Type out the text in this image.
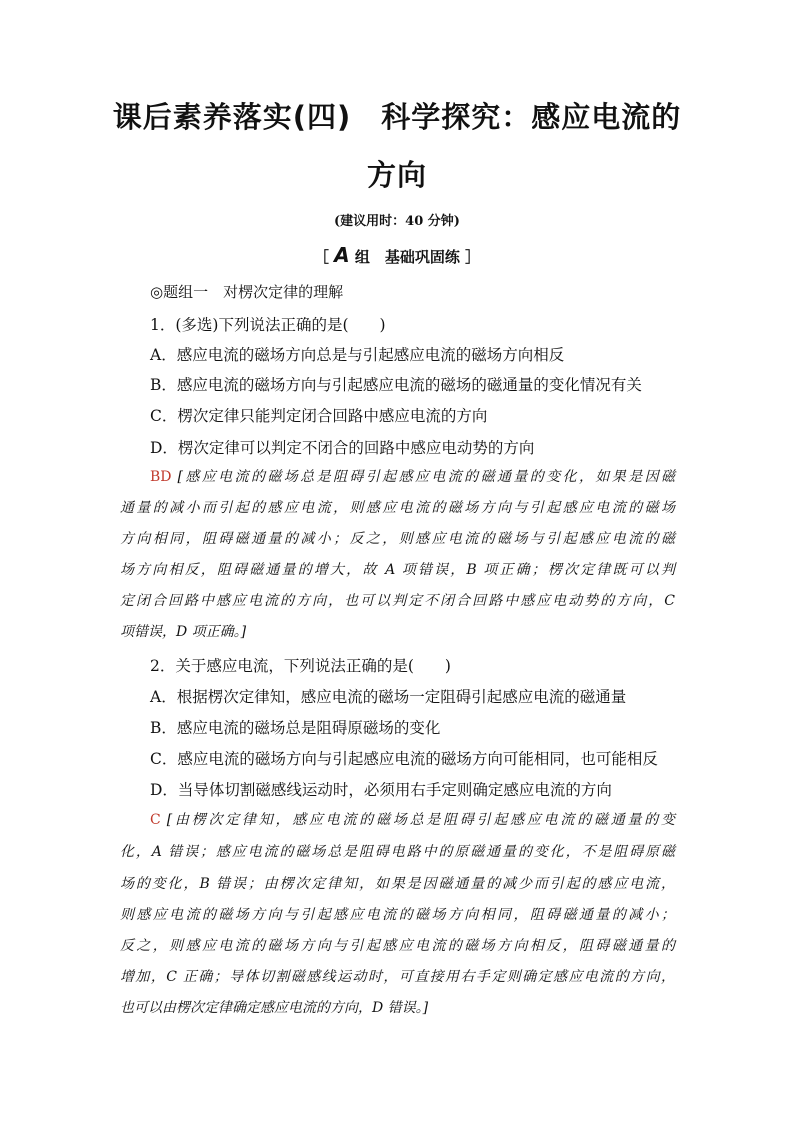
课后素养落实(四)　科学探究：感应电流的
方向
(建议用时：40 分钟)
［ A 组　基础巩固练 ］
◎题组一　对楞次定律的理解
1．(多选)下列说法正确的是(　　)
A．感应电流的磁场方向总是与引起感应电流的磁场方向相反
B．感应电流的磁场方向与引起感应电流的磁场的磁通量的变化情况有关
C．楞次定律只能判定闭合回路中感应电流的方向
D．楞次定律可以判定不闭合的回路中感应电动势的方向
BD [感应电流的磁场总是阻碍引起感应电流的磁通量的变化，如果是因磁
通量的减小而引起的感应电流，则感应电流的磁场方向与引起感应电流的磁场
方向相同，阻碍磁通量的减小；反之，则感应电流的磁场与引起感应电流的磁
场方向相反，阻碍磁通量的增大，故 A 项错误，B 项正确；楞次定律既可以判
定闭合回路中感应电流的方向，也可以判定不闭合回路中感应电动势的方向，C
项错误，D 项正确。]
2．关于感应电流，下列说法正确的是(　　)
A．根据楞次定律知，感应电流的磁场一定阻碍引起感应电流的磁通量
B．感应电流的磁场总是阻碍原磁场的变化
C．感应电流的磁场方向与引起感应电流的磁场方向可能相同，也可能相反
D．当导体切割磁感线运动时，必须用右手定则确定感应电流的方向
C [由楞次定律知，感应电流的磁场总是阻碍引起感应电流的磁通量的变
化，A 错误；感应电流的磁场总是阻碍电路中的原磁通量的变化，不是阻碍原磁
场的变化，B 错误；由楞次定律知，如果是因磁通量的减少而引起的感应电流，
则感应电流的磁场方向与引起感应电流的磁场方向相同，阻碍磁通量的减小；
反之，则感应电流的磁场方向与引起感应电流的磁场方向相反，阻碍磁通量的
增加，C 正确；导体切割磁感线运动时，可直接用右手定则确定感应电流的方向，
也可以由楞次定律确定感应电流的方向，D 错误。]
